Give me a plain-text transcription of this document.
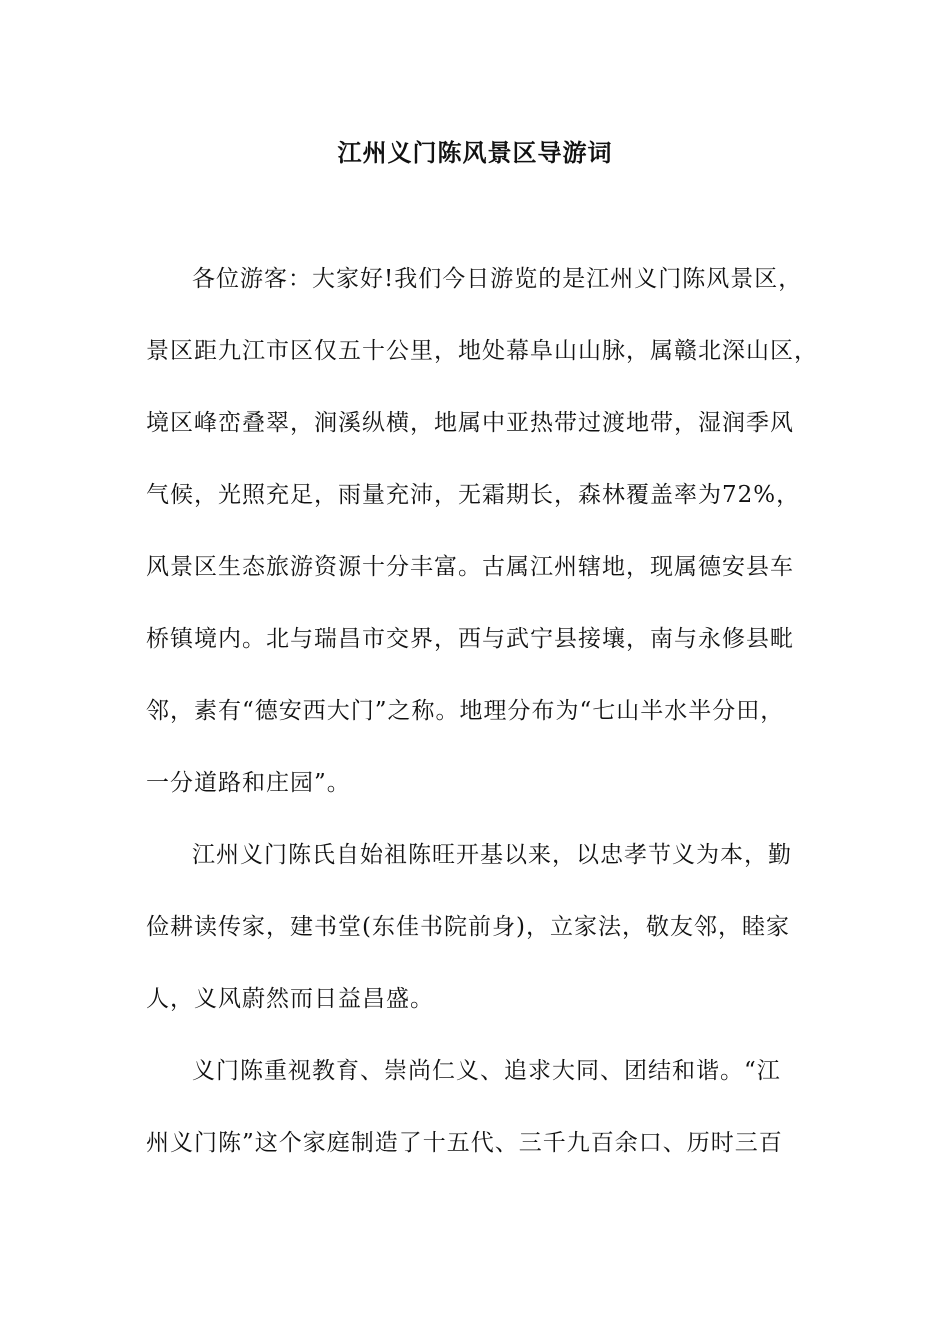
江州义门陈风景区导游词
各位游客：大家好!我们今日游览的是江州义门陈风景区，
景区距九江市区仅五十公里，地处幕阜山山脉，属赣北深山区，
境区峰峦叠翠，涧溪纵横，地属中亚热带过渡地带，湿润季风
气候，光照充足，雨量充沛，无霜期长，森林覆盖率为72%，
风景区生态旅游资源十分丰富。古属江州辖地，现属德安县车
桥镇境内。北与瑞昌市交界，西与武宁县接壤，南与永修县毗
邻，素有“德安西大门”之称。地理分布为“七山半水半分田，
一分道路和庄园”。
江州义门陈氏自始祖陈旺开基以来，以忠孝节义为本，勤
俭耕读传家，建书堂(东佳书院前身)，立家法，敬友邻，睦家
人，义风蔚然而日益昌盛。
义门陈重视教育、崇尚仁义、追求大同、团结和谐。“江
州义门陈”这个家庭制造了十五代、三千九百余口、历时三百
